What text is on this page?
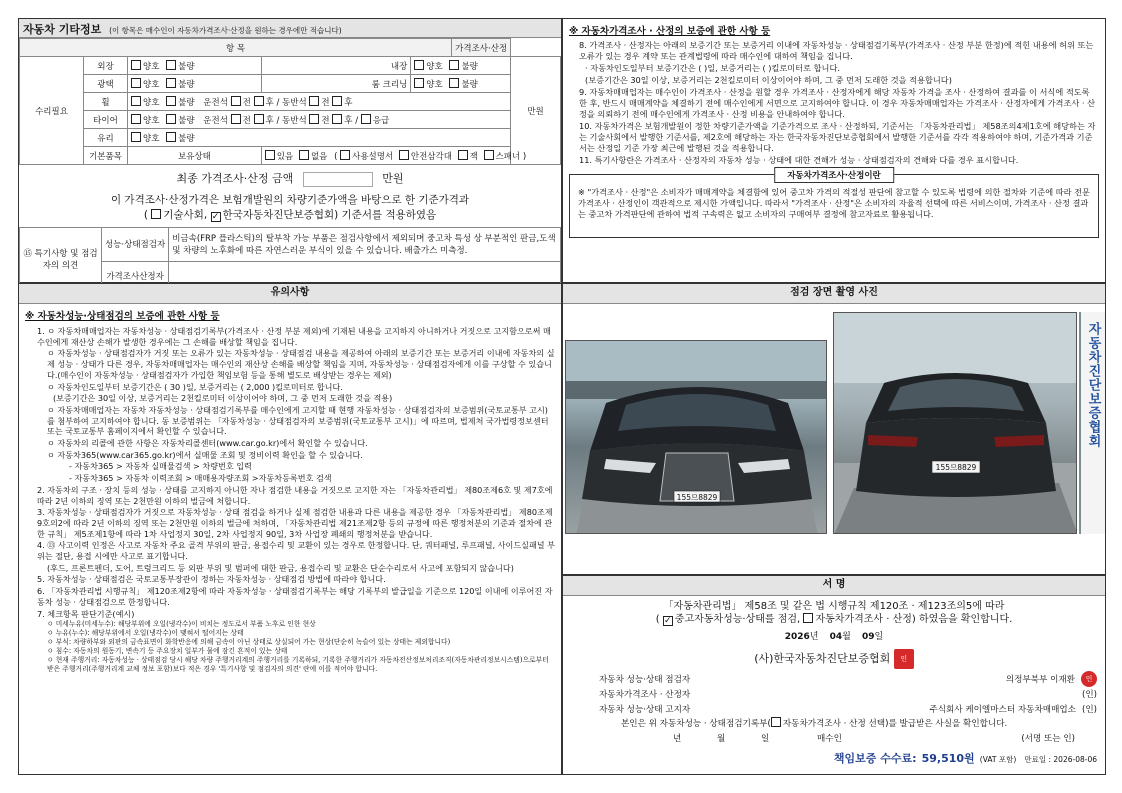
자동차 기타정보 (이 항목은 매수인이 자동차가격조사·산정을 원하는 경우에만 적습니다)
항 목					가격조사·산정	
수리필요	외장	양호 불량	내장	양호 불량		만원
	광택	양호 불량	룸 크리닝	양호 불량		
	휠	양호 불량 운전석 전 후 / 동반석 전 후				
	타이어	양호 불량 운전석 전 후 / 동반석 전 후 / 응급				
	유리	양호 불량				
	기본품목	보유상태	있음 없음 ( 사용설명서 안전삼각대 잭 스패너 )			
최종 가격조사·산정 금액	만원
이 가격조사·산정가격은 보험개발원의 차량기준가액을 바탕으로 한 기준가격과
( 기술사회, ✓ 한국자동차진단보증협회) 기준서를 적용하였음
⑮ 특기사항 및 점검자의 의견	성능·상태점검자	비금속(FRP 플라스틱)의 탈부착 가능 부품은 점검사항에서 제외되며 중고차 특성 상 부분적인 판금,도색 및 차량의 노후화에 따른 자연스러운 부식이 있을 수 있습니다. 배출가스 미측정.
	가격조사산정자	
※ 자동차가격조사 · 산정의 보증에 관한 사항 등

8. 가격조사 · 산정자는 아래의 보증기간 또는 보증거리 이내에 자동차성능 · 상태점검기록부(가격조사 · 산정 부분 한정)에 적힌 내용에 허위 또는 오류가 있는 경우 계약 또는 관계법령에 따라 매수인에 대하여 책임을 집니다.

· 자동차인도일부터 보증기간은 ( )일, 보증거리는 ( )킬로미터로 합니다.

(보증기간은 30일 이상, 보증거리는 2천킬로미터 이상이어야 하며, 그 중 먼저 도래한 것을 적용합니다)

9. 자동차매매업자는 매수인이 가격조사 · 산정을 원할 경우 가격조사 · 산정자에게 해당 자동차 가격을 조사 · 산정하여 결과를 이 서식에 적도록 한 후, 반드시 매매계약을 체결하기 전에 매수인에게 서면으로 고지하여야 합니다. 이 경우 자동차매매업자는 가격조사 · 산정자에게 가격조사 · 산정을 의뢰하기 전에 매수인에게 가격조사 · 산정 비용을 안내하여야 합니다.

10. 자동차가격은 보험개발원이 정한 차량기준가액을 기준가격으로 조사 · 산정하되, 기준서는 「자동차관리법」 제58조의4제1호에 해당하는 자는 기술사회에서 발행한 기준서를, 제2호에 해당하는 자는 한국자동차진단보증협회에서 발행한 기준서를 각각 적용하여야 하며, 기준가격과 기준서는 산정일 기준 가장 최근에 발행된 것을 적용합니다.

11. 특기사항란은 가격조사 · 산정자의 자동차 성능 · 상태에 대한 견해가 성능 · 상태점검자의 견해와 다를 경우 표시합니다.

자동차가격조사·산정이란
※ "가격조사 · 산정"은 소비자가 매매계약을 체결함에 있어 중고차 가격의 적절성 판단에 참고할 수 있도록 법령에 의한 절차와 기준에 따라 전문 가격조사 · 산정인이 객관적으로 제시한 가액입니다. 따라서 "가격조사 · 산정"은 소비자의 자율적 선택에 따른 서비스이며, 가격조사 · 산정 결과는 중고차 가격판단에 관하여 법적 구속력은 없고 소비자의 구매여부 결정에 참고자료로 활용됩니다.
유의사항
※ 자동차성능·상태점검의 보증에 관한 사항 등

1. ㅇ 자동차매매업자는 자동차성능 · 상태점검기록부(가격조사 · 산정 부분 제외)에 기재된 내용을 고지하지 아니하거나 거짓으로 고지함으로써 매수인에게 재산상 손해가 발생한 경우에는 그 손해를 배상할 책임을 집니다.

ㅇ 자동차성능 · 상태점검자가 거짓 또는 오류가 있는 자동차성능 · 상태점검 내용을 제공하여 아래의 보증기간 또는 보증거리 이내에 자동차의 실제 성능 · 상태가 다른 경우, 자동차매매업자는 매수인의 재산상 손해를 배상할 책임을 지며, 자동차성능 · 상태점검자에게 이를 구상할 수 있습니다.(매수인이 자동차성능 · 상태점검자가 가입한 책임보험 등을 통해 별도로 배상받는 경우는 제외)

ㅇ 자동차인도일부터 보증기간은 ( 30 )일, 보증거리는 ( 2,000 )킬로미터로 합니다.

(보증기간은 30일 이상, 보증거리는 2천킬로미터 이상이어야 하며, 그 중 먼저 도래한 것을 적용)

ㅇ 자동차매매업자는 자동차 자동차성능 · 상태점검기록부를 매수인에게 고지할 때 현행 자동차성능 · 상태점검자의 보증범위(국토교통부 고시)를 첨부하여 고지하여야 합니다. 동 보증범위는 「자동차성능 · 상태점검자의 보증범위(국토교통부 고시)」에 따르며, 법제처 국가법령정보센터 또는 국토교통부 홈페이지에서 확인할 수 있습니다.

ㅇ 자동차의 리콜에 관한 사항은 자동차리콜센터(www.car.go.kr)에서 확인할 수 있습니다.

ㅇ 자동차365(www.car365.go.kr)에서 실매물 조회 및 정비이력 확인을 할 수 있습니다.

- 자동차365 > 자동차 실매물검색 > 차량번호 입력

- 자동차365 > 자동차 이력조회 > 매매용자량조회 >자동차등록번호 검색

2. 자동차의 구조 · 장치 등의 성능 · 상태를 고지하지 아니한 자나 점검한 내용을 거짓으로 고지한 자는 「자동차관리법」 제80조제6호 및 제7호에 따라 2년 이하의 징역 또는 2천만원 이하의 벌금에 처합니다.

3. 자동차성능 · 상태점검자가 거짓으로 자동차성능 · 상태 점검을 하거나 실제 점검한 내용과 다른 내용을 제공한 경우 「자동차관리법」 제80조제9호의2에 따라 2년 이하의 징역 또는 2천만원 이하의 벌금에 처하며, 「자동차관리법 제21조제2항 등의 규정에 따른 행정처분의 기준과 절차에 관한 규칙」 제5조제1항에 따라 1차 사업정지 30일, 2차 사업정지 90일, 3차 사업장 폐쇄의 행정처분을 받습니다.

4. ⑬ 사고이력 인정은 사고로 자동차 주요 골격 부위의 판금, 용접수리 및 교환이 있는 경우로 한정합니다. 단, 쿼터패널, 루프패널, 사이드실패널 부위는 절단, 용접 시에만 사고로 표기합니다.

(후드, 프론트펜더, 도어, 트렁크리드 등 외판 부위 및 범퍼에 대한 판금, 용접수리 및 교환은 단순수리로서 사고에 포함되지 않습니다)

5. 자동차성능 · 상태점검은 국토교통부장관이 정하는 자동차성능 · 상태점검 방법에 따라야 합니다.

6. 「자동차관리법 시행규칙」 제120조제2항에 따라 자동차성능 · 상태점검기록부는 해당 기록부의 발급일을 기준으로 120일 이내에 이루어진 자동차 성능 · 상태점검으로 한정합니다.

7. 체크항목 판단기준(예시)

ㅇ 미세누유(미세누수): 해당부위에 오일(냉각수)이 비치는 정도로서 부품 노후로 인한 현상

ㅇ 누유(누수): 해당부위에서 오일(냉각수)이 맺혀서 떨어지는 상태

ㅇ 부식: 차량하부와 외판의 금속표면이 화학반응에 의해 금속이 아닌 상태로 상실되어 가는 현상(단순히 녹슬어 있는 상태는 제외합니다)

ㅇ 침수: 자동차의 원동기, 변속기 등 주요장치 일부가 물에 잠긴 흔적이 있는 상태

ㅇ 현재 주행거리: 자동차성능 · 상태점검 당시 해당 차량 주행거리계의 주행거리를 기록하되, 기록한 주행거리가 자동차전산정보처리조직(자동차관리정보시스템)으로부터 받은 주행거리(주행거리계 교체 정보 포함)보다 적은 경우 '특기사항 및 점검자의 의견' 란에 이를 적어야 합니다.

점검 장면 촬영 사진
155므8829
155므8829
자동차진단보증협회
서 명
「자동차관리법」 제58조 및 같은 법 시행규칙 제120조 · 제123조의5에 따라
( ✓ 중고자동차성능·상태를 점검, 자동차가격조사 · 산정) 하였음을 확인합니다.
2026년 04월 09일
(사)한국자동차진단보증협회 인
자동차 성능·상태 점검자	의정부북부 이재환	인
자동차가격조사 · 산정자	(인)
자동차 성능·상태 고지자	주식회사 케이엘마스터 자동차매매업소 (인)
본인은 위 자동차성능 · 상태점검기록부( 자동차가격조사 · 산정 선택)를 발급받은 사실을 확인합니다.
년	월	일	매수인	(서명 또는 인)
책임보증 수수료: 59,510원 (VAT 포함) 만료일 : 2026-08-06
